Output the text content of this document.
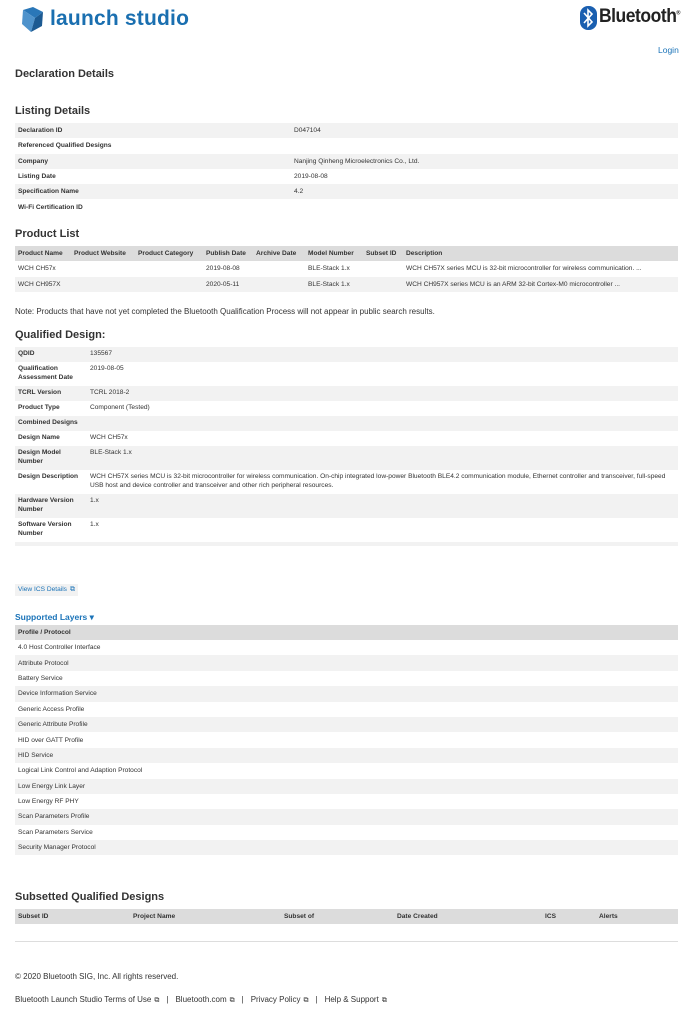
launch studio	Bluetooth®
Login
Declaration Details
Listing Details
Declaration ID	D047104
Referenced Qualified Designs	
Company	Nanjing Qinheng Microelectronics Co., Ltd.
Listing Date	2019-08-08
Specification Name	4.2
Wi-Fi Certification ID	
Product List
Product Name	Product Website	Product Category	Publish Date	Archive Date	Model Number	Subset ID	Description
WCH CH57x			2019-08-08		BLE-Stack 1.x		WCH CH57X series MCU is 32-bit microcontroller for wireless communication. ...
WCH CH957X			2020-05-11		BLE-Stack 1.x		WCH CH957X series MCU is an ARM 32-bit Cortex-M0 microcontroller ...
Note: Products that have not yet completed the Bluetooth Qualification Process will not appear in public search results.
Qualified Design:
QDID	135567
Qualification Assessment Date	2019-08-05
TCRL Version	TCRL 2018-2
Product Type	Component (Tested)
Combined Designs	
Design Name	WCH CH57x
Design Model Number	BLE-Stack 1.x
Design Description	WCH CH57X series MCU is 32-bit microcontroller for wireless communication. On-chip integrated low-power Bluetooth BLE4.2 communication module, Ethernet controller and transceiver, full-speed USB host and device controller and transceiver and other rich peripheral resources.
Hardware Version Number	1.x
Software Version Number	1.x

View ICS Details ⧉
Supported Layers ▾
Profile / Protocol
4.0 Host Controller Interface
Attribute Protocol
Battery Service
Device Information Service
Generic Access Profile
Generic Attribute Profile
HID over GATT Profile
HID Service
Logical Link Control and Adaption Protocol
Low Energy Link Layer
Low Energy RF PHY
Scan Parameters Profile
Scan Parameters Service
Security Manager Protocol
Subsetted Qualified Designs
Subset ID	Project Name	Subset of	Date Created	ICS	Alerts
© 2020 Bluetooth SIG, Inc. All rights reserved.
Bluetooth Launch Studio Terms of Use ⧉ | Bluetooth.com ⧉ | Privacy Policy ⧉ | Help & Support ⧉
